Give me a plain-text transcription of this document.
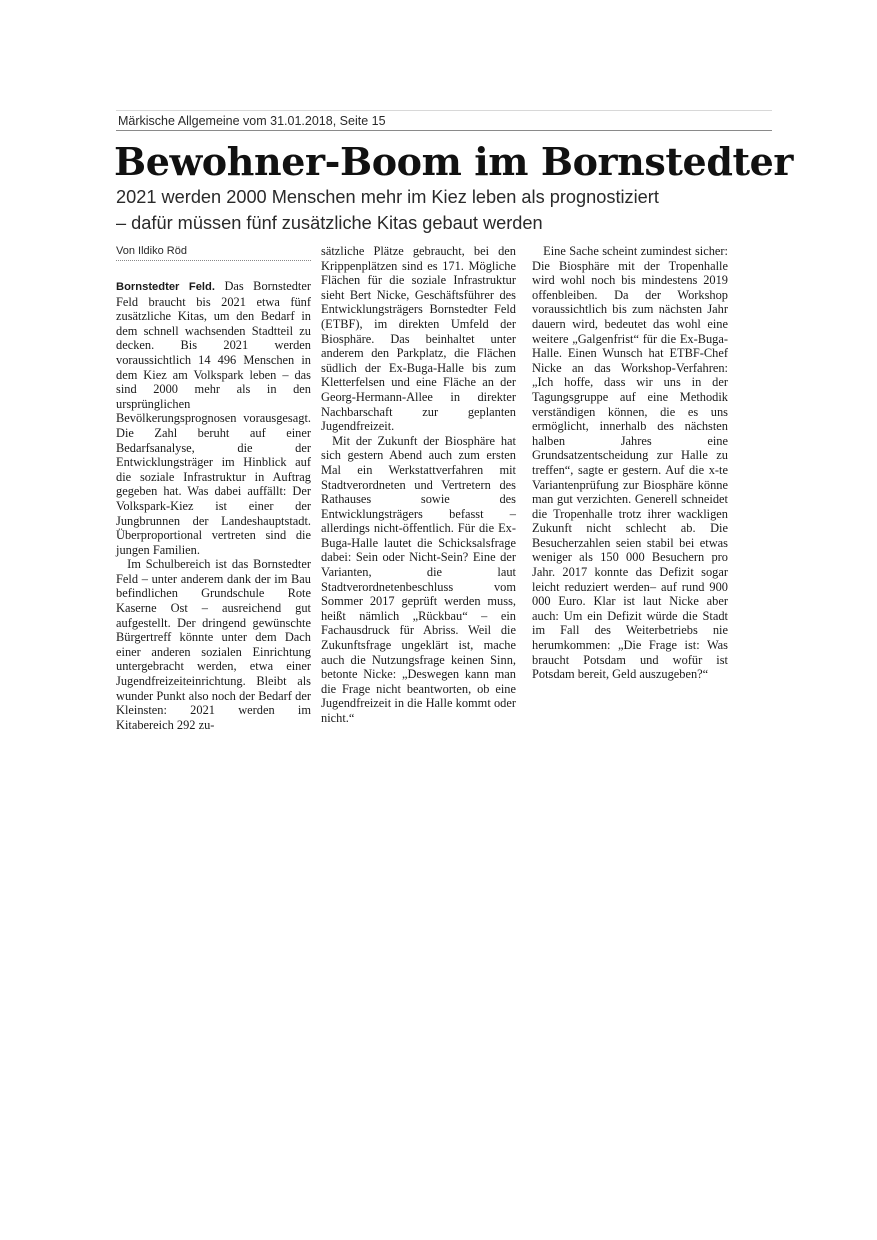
Märkische Allgemeine vom 31.01.2018, Seite 15
Bewohner-Boom im Bornstedter
2021 werden 2000 Menschen mehr im Kiez leben als prognostiziert
– dafür müssen fünf zusätzliche Kitas gebaut werden
Von Ildiko Röd

Bornstedter Feld. Das Bornstedter Feld braucht bis 2021 etwa fünf zusätzliche Kitas, um den Bedarf in dem schnell wachsenden Stadtteil zu decken. Bis 2021 werden voraussichtlich 14 496 Menschen in dem Kiez am Volkspark leben – das sind 2000 mehr als in den ursprünglichen Bevölkerungsprognosen vorausgesagt. Die Zahl beruht auf einer Bedarfsanalyse, die der Entwicklungsträger im Hinblick auf die soziale Infrastruktur in Auftrag gegeben hat. Was dabei auffällt: Der Volkspark-Kiez ist einer der Jungbrunnen der Landeshauptstadt. Überproportional vertreten sind die jungen Familien.

Im Schulbereich ist das Bornstedter Feld – unter anderem dank der im Bau befindlichen Grundschule Rote Kaserne Ost – ausreichend gut aufgestellt. Der dringend gewünschte Bürgertreff könnte unter dem Dach einer anderen sozialen Einrichtung untergebracht werden, etwa einer Jugendfreizeiteinrichtung. Bleibt als wunder Punkt also noch der Bedarf der Kleinsten: 2021 werden im Kitabereich 292 zu-

sätzliche Plätze gebraucht, bei den Krippenplätzen sind es 171. Mögliche Flächen für die soziale Infrastruktur sieht Bert Nicke, Geschäftsführer des Entwicklungsträgers Bornstedter Feld (ETBF), im direkten Umfeld der Biosphäre. Das beinhaltet unter anderem den Parkplatz, die Flächen südlich der Ex-Buga-Halle bis zum Kletterfelsen und eine Fläche an der Georg-Hermann-Allee in direkter Nachbarschaft zur geplanten Jugendfreizeit.

Mit der Zukunft der Biosphäre hat sich gestern Abend auch zum ersten Mal ein Werkstattverfahren mit Stadtverordneten und Vertretern des Rathauses sowie des Entwicklungsträgers befasst – allerdings nicht-öffentlich. Für die Ex-Buga-Halle lautet die Schicksalsfrage dabei: Sein oder Nicht-Sein? Eine der Varianten, die laut Stadtverordnetenbeschluss vom Sommer 2017 geprüft werden muss, heißt nämlich „Rückbau“ – ein Fachausdruck für Abriss. Weil die Zukunftsfrage ungeklärt ist, mache auch die Nutzungsfrage keinen Sinn, betonte Nicke: „Deswegen kann man die Frage nicht beantworten, ob eine Jugendfreizeit in die Halle kommt oder nicht.“

Eine Sache scheint zumindest sicher: Die Biosphäre mit der Tropenhalle wird wohl noch bis mindestens 2019 offenbleiben. Da der Workshop voraussichtlich bis zum nächsten Jahr dauern wird, bedeutet das wohl eine weitere „Galgenfrist“ für die Ex-Buga-Halle. Einen Wunsch hat ETBF-Chef Nicke an das Workshop-Verfahren: „Ich hoffe, dass wir uns in der Tagungsgruppe auf eine Methodik verständigen können, die es uns ermöglicht, innerhalb des nächsten halben Jahres eine Grundsatzentscheidung zur Halle zu treffen“, sagte er gestern. Auf die x-te Variantenprüfung zur Biosphäre könne man gut verzichten. Generell schneidet die Tropenhalle trotz ihrer wackligen Zukunft nicht schlecht ab. Die Besucherzahlen seien stabil bei etwas weniger als 150 000 Besuchern pro Jahr. 2017 konnte das Defizit sogar leicht reduziert werden– auf rund 900 000 Euro. Klar ist laut Nicke aber auch: Um ein Defizit würde die Stadt im Fall des Weiterbetriebs nie herumkommen: „Die Frage ist: Was braucht Potsdam und wofür ist Potsdam bereit, Geld auszugeben?“
